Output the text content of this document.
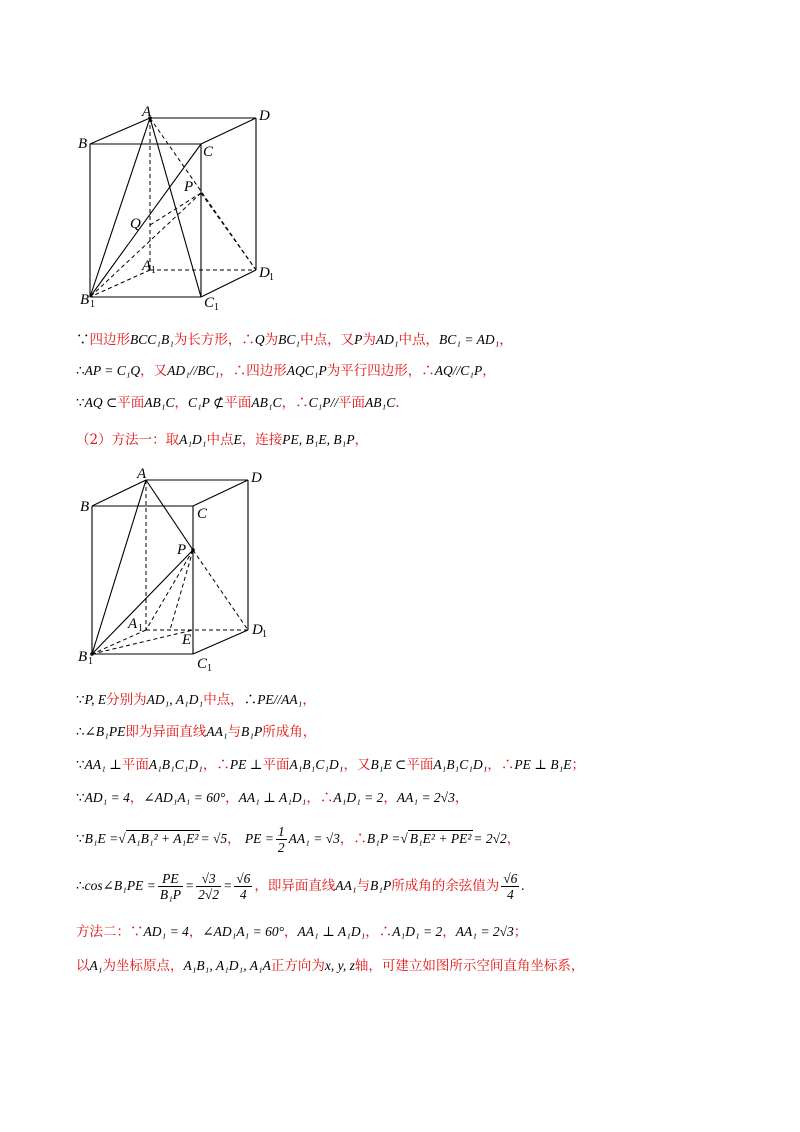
A
B	C
D
P
Q
A 1	D 1
B 1	C 1
∵四边形BCC₁B₁为长方形，∴Q为BC₁中点，又P为AD₁中点，BC₁ = AD₁，
∴AP = C₁Q，又AD₁//BC₁，∴四边形AQC₁P为平行四边形，∴AQ//C₁P，
∵AQ ⊂平面AB₁C，C₁P ⊄平面AB₁C，∴C₁P//平面AB₁C.
（2）方法一：取A₁D₁中点E，连接PE, B₁E, B₁P，
A
B	C
D
P
E
A 1	D 1
B 1	C 1
∵P, E分别为AD₁, A₁D₁中点，∴PE//AA₁，
∴∠B₁PE即为异面直线AA₁与B₁P所成角，
∵AA₁ ⊥平面A₁B₁C₁D₁，∴PE ⊥平面A₁B₁C₁D₁，又B₁E ⊂平面A₁B₁C₁D₁，∴PE ⊥ B₁E；
∵AD₁ = 4，∠AD₁A₁ = 60°，AA₁ ⊥ A₁D₁，∴A₁D₁ = 2，AA₁ = 2√3，
∵B₁E =√ A₁B₁² + A₁E² = √5， PE = $\frac{1}{2} AA_1 = √3$，∴B₁P =√ B₁E² + PE² = 2√2，
∴cos∠B₁PE = $\frac{PE}{\text{B₁P}} = \frac{√3}{2√2} = \frac{√6}{4}$ ，即异面直线AA₁与B₁P所成角的余弦值为 $\frac{√6}{4}$ .
方法二：∵AD₁ = 4，∠AD₁A₁ = 60°，AA₁ ⊥ A₁D₁，∴A₁D₁ = 2，AA₁ = 2√3；
以A₁为坐标原点，A₁B₁, A₁D₁, A₁A正方向为x, y, z轴，可建立如图所示空间直角坐标系，
